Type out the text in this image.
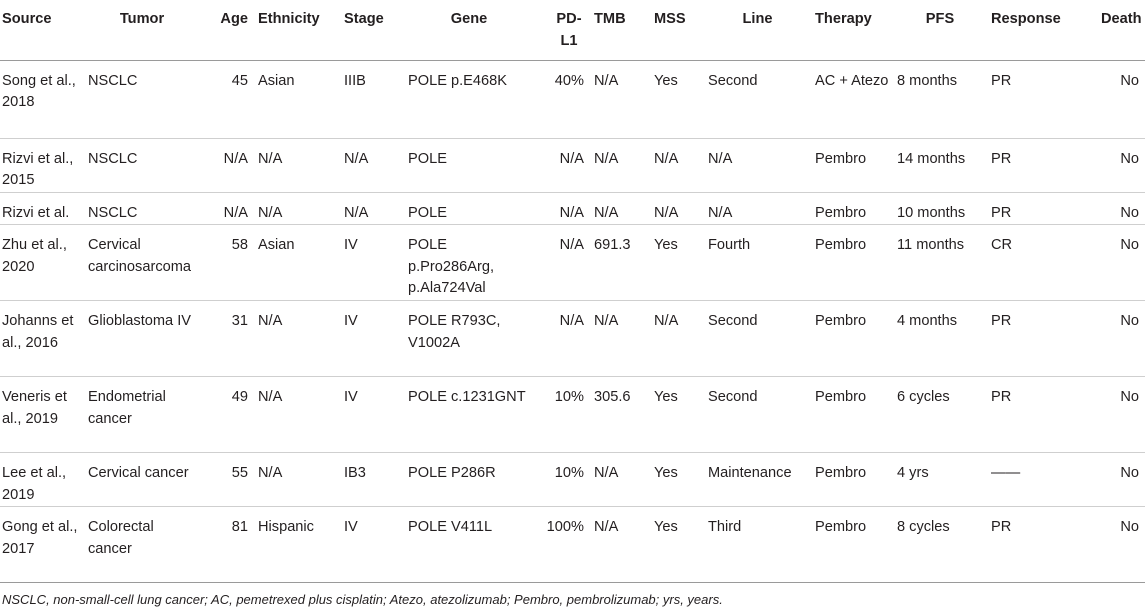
Source	Tumor	Age	Ethnicity	Stage	Gene	PD-L1	TMB	MSS	Line	Therapy	PFS	Response	Death
Song et al., 2018	NSCLC	45	Asian	IIIB	POLE p.E468K	40%	N/A	Yes	Second	AC + Atezo	8 months	PR	No
Rizvi et al., 2015	NSCLC	N/A	N/A	N/A	POLE	N/A	N/A	N/A	N/A	Pembro	14 months	PR	No
Rizvi et al.	NSCLC	N/A	N/A	N/A	POLE	N/A	N/A	N/A	N/A	Pembro	10 months	PR	No
Zhu et al., 2020	Cervical carcinosarcoma	58	Asian	IV	POLE p.Pro286Arg, p.Ala724Val	N/A	691.3	Yes	Fourth	Pembro	11 months	CR	No
Johanns et al., 2016	Glioblastoma IV	31	N/A	IV	POLE R793C, V1002A	N/A	N/A	N/A	Second	Pembro	4 months	PR	No
Veneris et al., 2019	Endometrial cancer	49	N/A	IV	POLE c.1231GNT	10%	305.6	Yes	Second	Pembro	6 cycles	PR	No
Lee et al., 2019	Cervical cancer	55	N/A	IB3	POLE P286R	10%	N/A	Yes	Maintenance	Pembro	4 yrs	——	No
Gong et al., 2017	Colorectal cancer	81	Hispanic	IV	POLE V411L	100%	N/A	Yes	Third	Pembro	8 cycles	PR	No
NSCLC, non-small-cell lung cancer; AC, pemetrexed plus cisplatin; Atezo, atezolizumab; Pembro, pembrolizumab; yrs, years.
